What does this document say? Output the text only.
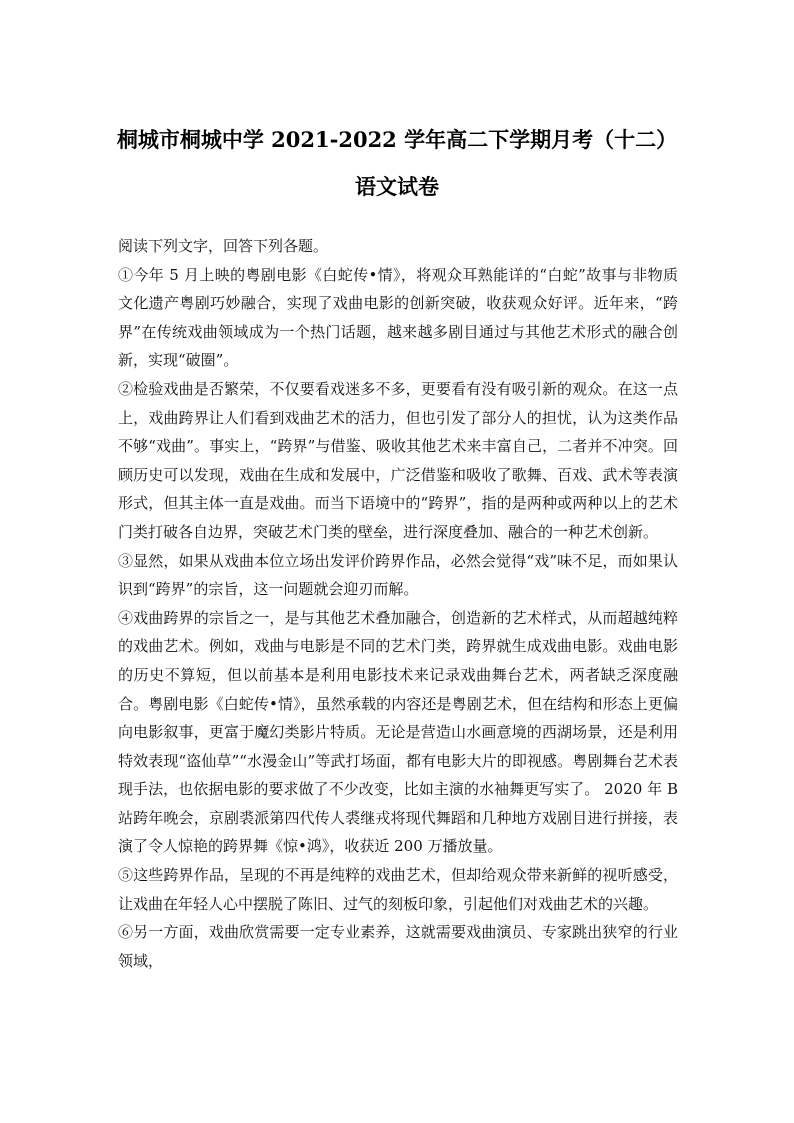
桐城市桐城中学 2021-2022 学年高二下学期月考（十二）
语文试卷

阅读下列文字，回答下列各题。

①今年 5 月上映的粤剧电影《白蛇传•情》，将观众耳熟能详的“白蛇”故事与非物质文化遗产粤剧巧妙融合，实现了戏曲电影的创新突破，收获观众好评。近年来，“跨界”在传统戏曲领域成为一个热门话题，越来越多剧目通过与其他艺术形式的融合创新，实现“破圈”。

②检验戏曲是否繁荣，不仅要看戏迷多不多，更要看有没有吸引新的观众。在这一点上，戏曲跨界让人们看到戏曲艺术的活力，但也引发了部分人的担忧，认为这类作品不够“戏曲”。事实上，“跨界”与借鉴、吸收其他艺术来丰富自己，二者并不冲突。回顾历史可以发现，戏曲在生成和发展中，广泛借鉴和吸收了歌舞、百戏、武术等表演形式，但其主体一直是戏曲。而当下语境中的“跨界”，指的是两种或两种以上的艺术门类打破各自边界，突破艺术门类的壁垒，进行深度叠加、融合的一种艺术创新。

③显然，如果从戏曲本位立场出发评价跨界作品，必然会觉得“戏”味不足，而如果认识到“跨界”的宗旨，这一问题就会迎刃而解。

④戏曲跨界的宗旨之一，是与其他艺术叠加融合，创造新的艺术样式，从而超越纯粹的戏曲艺术。例如，戏曲与电影是不同的艺术门类，跨界就生成戏曲电影。戏曲电影的历史不算短，但以前基本是利用电影技术来记录戏曲舞台艺术，两者缺乏深度融合。粤剧电影《白蛇传•情》，虽然承载的内容还是粤剧艺术，但在结构和形态上更偏向电影叙事，更富于魔幻类影片特质。无论是营造山水画意境的西湖场景，还是利用特效表现“盗仙草”“水漫金山”等武打场面，都有电影大片的即视感。粤剧舞台艺术表现手法，也依据电影的要求做了不少改变，比如主演的水袖舞更写实了。 2020 年 B 站跨年晚会，京剧裘派第四代传人裘继戎将现代舞蹈和几种地方戏剧目进行拼接，表演了令人惊艳的跨界舞《惊•鸿》，收获近 200 万播放量。

⑤这些跨界作品，呈现的不再是纯粹的戏曲艺术，但却给观众带来新鲜的视听感受，让戏曲在年轻人心中摆脱了陈旧、过气的刻板印象，引起他们对戏曲艺术的兴趣。

⑥另一方面，戏曲欣赏需要一定专业素养，这就需要戏曲演员、专家跳出狭窄的行业领域，
